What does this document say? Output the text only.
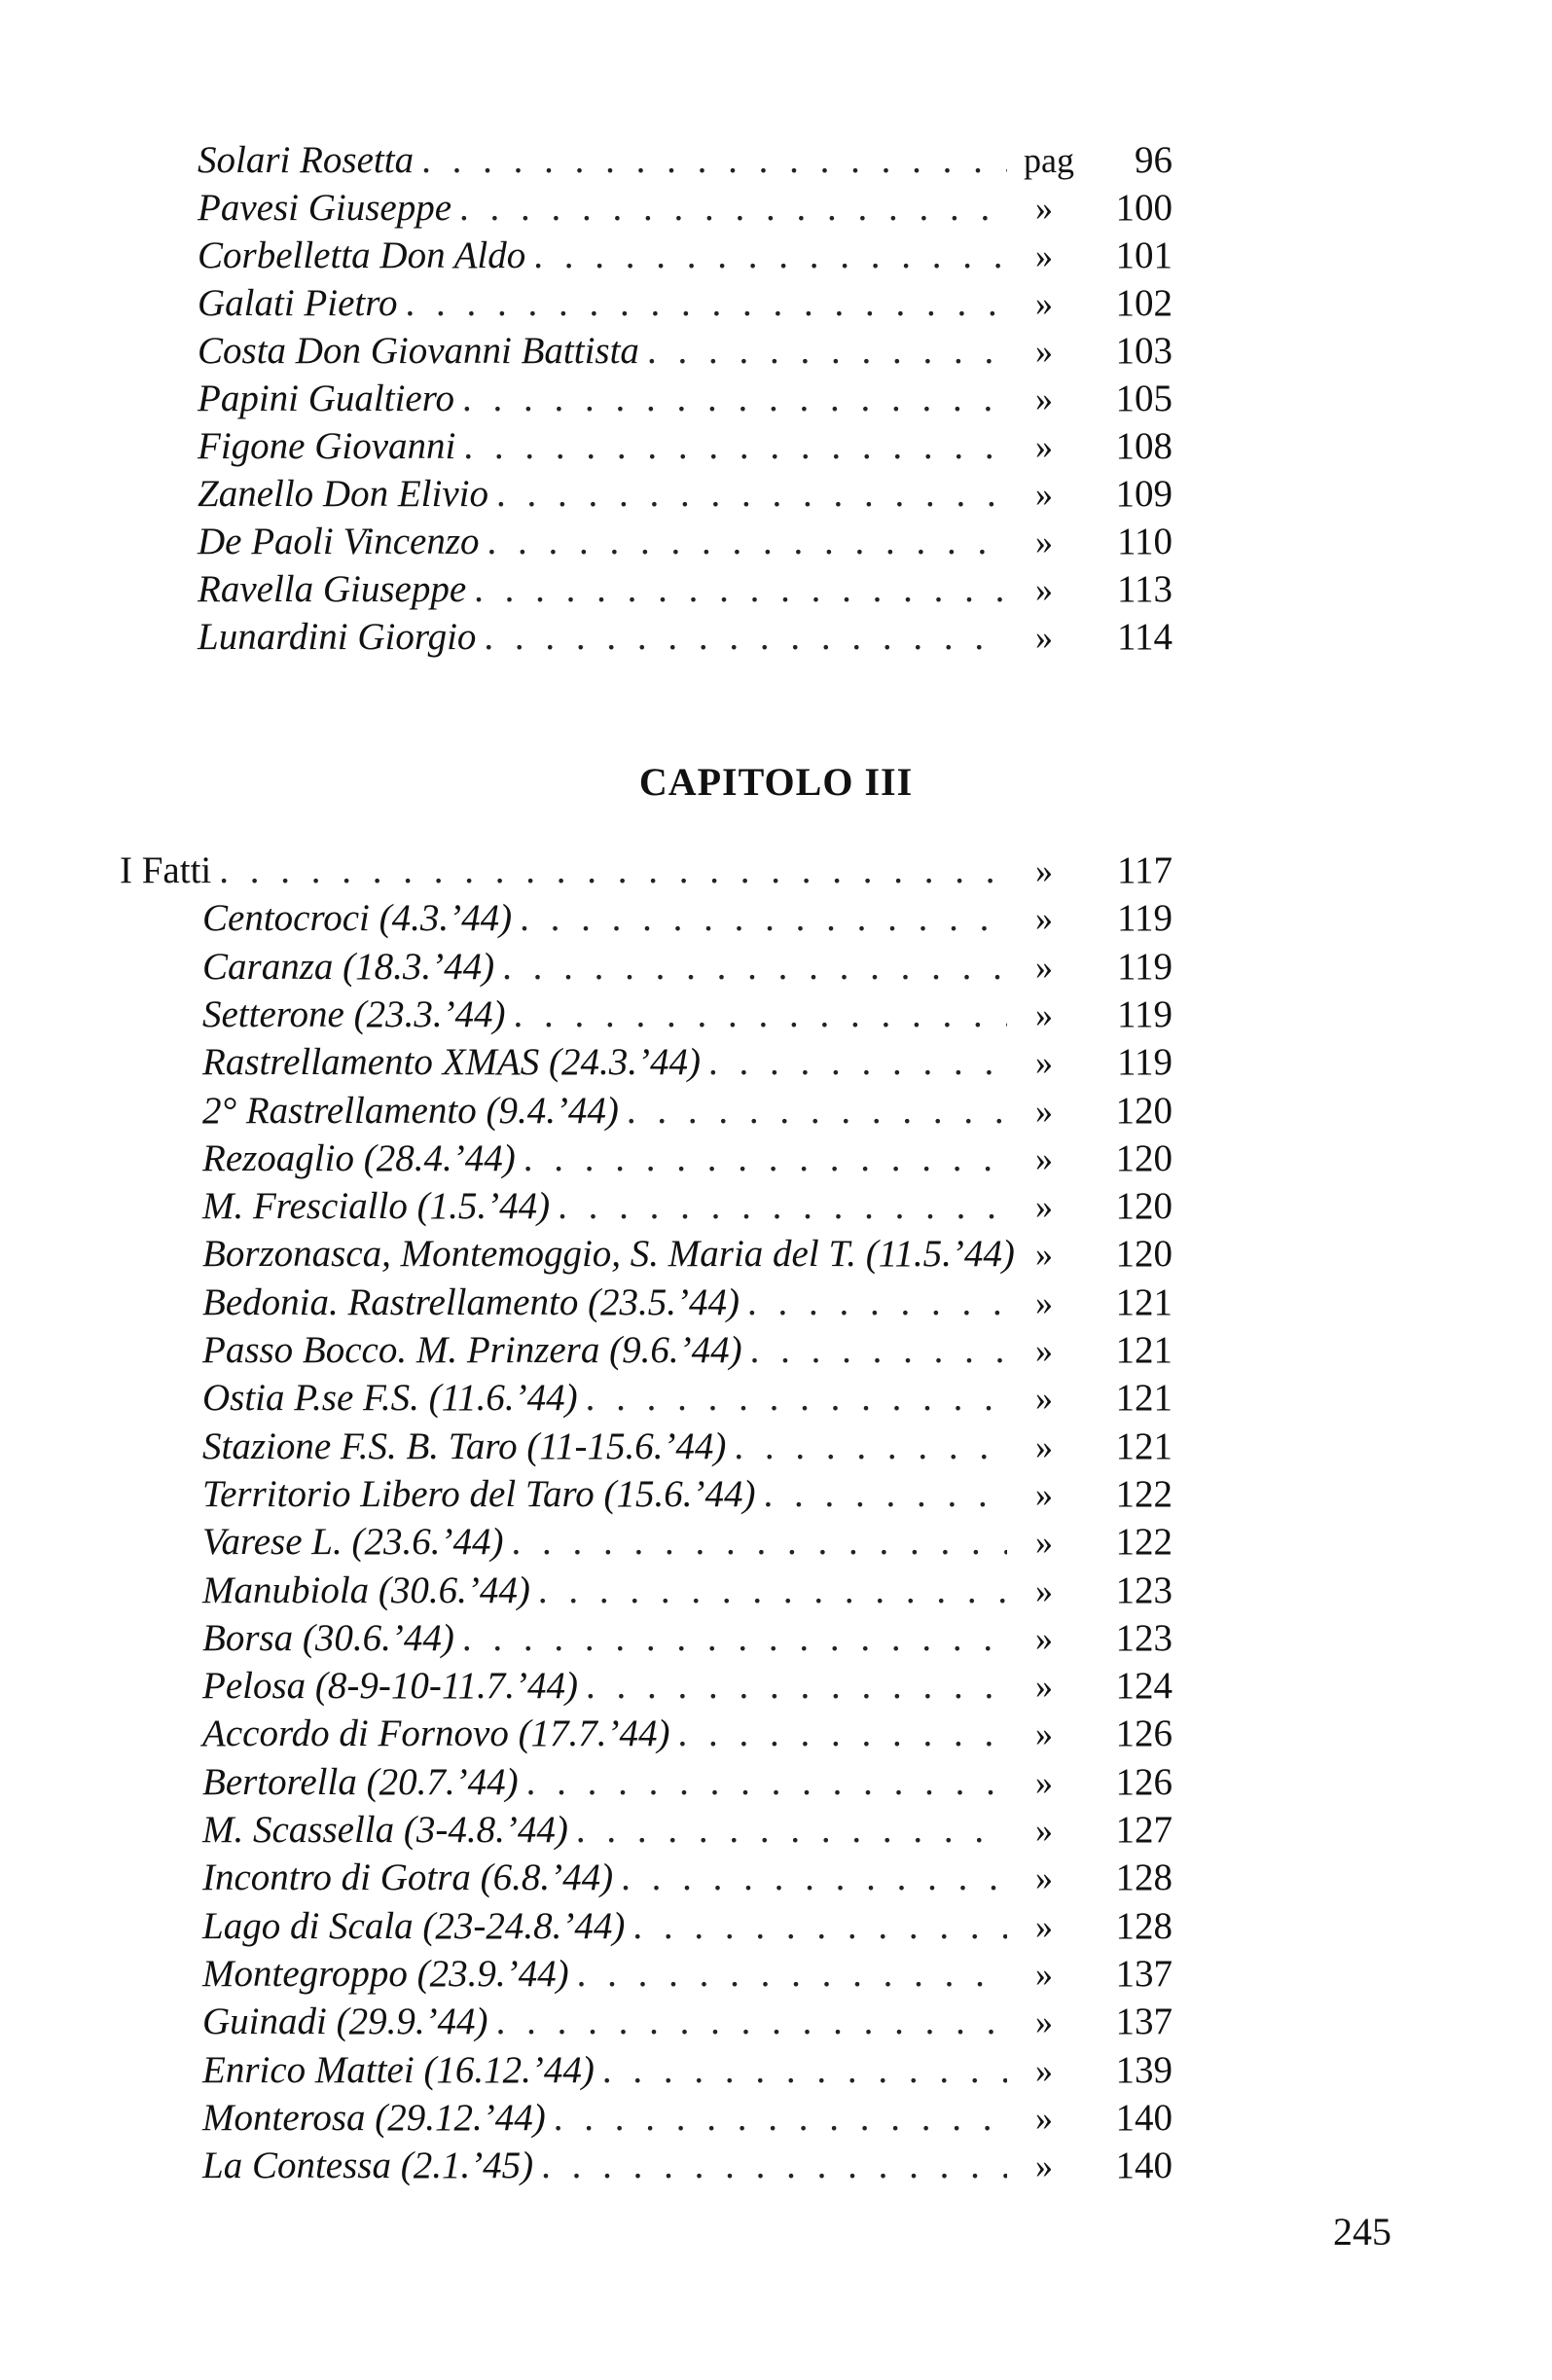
Solari Rosetta . . .	pag	96
Pavesi Giuseppe . . .	»	100
Corbelletta Don Aldo . . .	»	101
Galati Pietro . . .	»	102
Costa Don Giovanni Battista . . .	»	103
Papini Gualtiero . . .	»	105
Figone Giovanni . . .	»	108
Zanello Don Elivio . . .	»	109
De Paoli Vincenzo . . .	»	110
Ravella Giuseppe . . .	»	113
Lunardini Giorgio . . .	»	114
CAPITOLO III
I Fatti . . .	»	117
Centocroci (4.3.’44) . . .	»	119
Caranza (18.3.’44) . . .	»	119
Setterone (23.3.’44) . . .	»	119
Rastrellamento XMAS (24.3.’44) . . .	»	119
2° Rastrellamento (9.4.’44) . . .	»	120
Rezoaglio (28.4.’44) . . .	»	120
M. Fresciallo (1.5.’44) . . .	»	120
Borzonasca, Montemoggio, S. Maria del T. (11.5.’44) »	120
Bedonia. Rastrellamento (23.5.’44) . . .	»	121
Passo Bocco. M. Prinzera (9.6.’44) . . .	»	121
Ostia P.se F.S. (11.6.’44) . . .	»	121
Stazione F.S. B. Taro (11-15.6.’44) . . .	»	121
Territorio Libero del Taro (15.6.’44) . . .	»	122
Varese L. (23.6.’44) . . .	»	122
Manubiola (30.6.’44) . . .	»	123
Borsa (30.6.’44) . . .	»	123
Pelosa (8-9-10-11.7.’44) . . .	»	124
Accordo di Fornovo (17.7.’44) . . .	»	126
Bertorella (20.7.’44) . . .	»	126
M. Scassella (3-4.8.’44) . . .	»	127
Incontro di Gotra (6.8.’44) . . .	»	128
Lago di Scala (23-24.8.’44) . . .	»	128
Montegroppo (23.9.’44) . . .	»	137
Guinadi (29.9.’44) . . .	»	137
Enrico Mattei (16.12.’44) . . .	»	139
Monterosa (29.12.’44) . . .	»	140
La Contessa (2.1.’45) . . .	»	140
245
